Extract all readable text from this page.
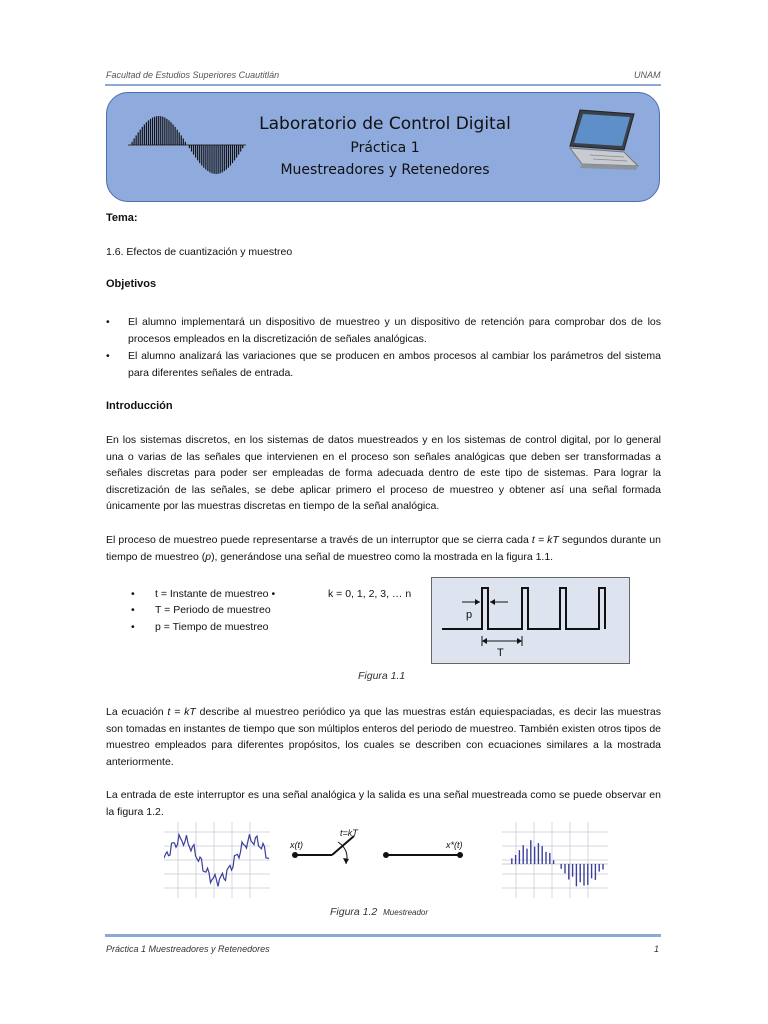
Facultad de Estudios Superiores Cuautitlán	UNAM
Laboratorio de Control Digital
Práctica 1
Muestreadores y Retenedores
Tema:
1.6. Efectos de cuantización y muestreo
Objetivos
• El alumno implementará un dispositivo de muestreo y un dispositivo de retención para comprobar dos de los procesos empleados en la discretización de señales analógicas.
• El alumno analizará las variaciones que se producen en ambos procesos al cambiar los parámetros del sistema para diferentes señales de entrada.
Introducción
En los sistemas discretos, en los sistemas de datos muestreados y en los sistemas de control digital, por lo general una o varias de las señales que intervienen en el proceso son señales analógicas que deben ser transformadas a señales discretas para poder ser empleadas de forma adecuada dentro de este tipo de sistemas. Para lograr la discretización de las señales, se debe aplicar primero el proceso de muestreo y obtener así una señal formada únicamente por las muestras discretas en tiempo de la señal analógica.
El proceso de muestreo puede representarse a través de un interruptor que se cierra cada t = kT segundos durante un tiempo de muestreo (p), generándose una señal de muestreo como la mostrada en la figura 1.1.
• t = Instante de muestreo •
• T = Periodo de muestreo
• p = Tiempo de muestreo
k = 0, 1, 2, 3, … n
p
T
Figura 1.1
La ecuación t = kT describe al muestreo periódico ya que las muestras están equiespaciadas, es decir las muestras son tomadas en instantes de tiempo que son múltiplos enteros del periodo de muestreo. También existen otros tipos de muestreo empleados para diferentes propósitos, los cuales se describen con ecuaciones similares a la mostrada anteriormente.
La entrada de este interruptor es una señal analógica y la salida es una señal muestreada como se puede observar en la figura 1.2.
x(t)
t=kT
x*(t)
Figura 1.2 Muestreador
Práctica 1 Muestreadores y Retenedores	1
